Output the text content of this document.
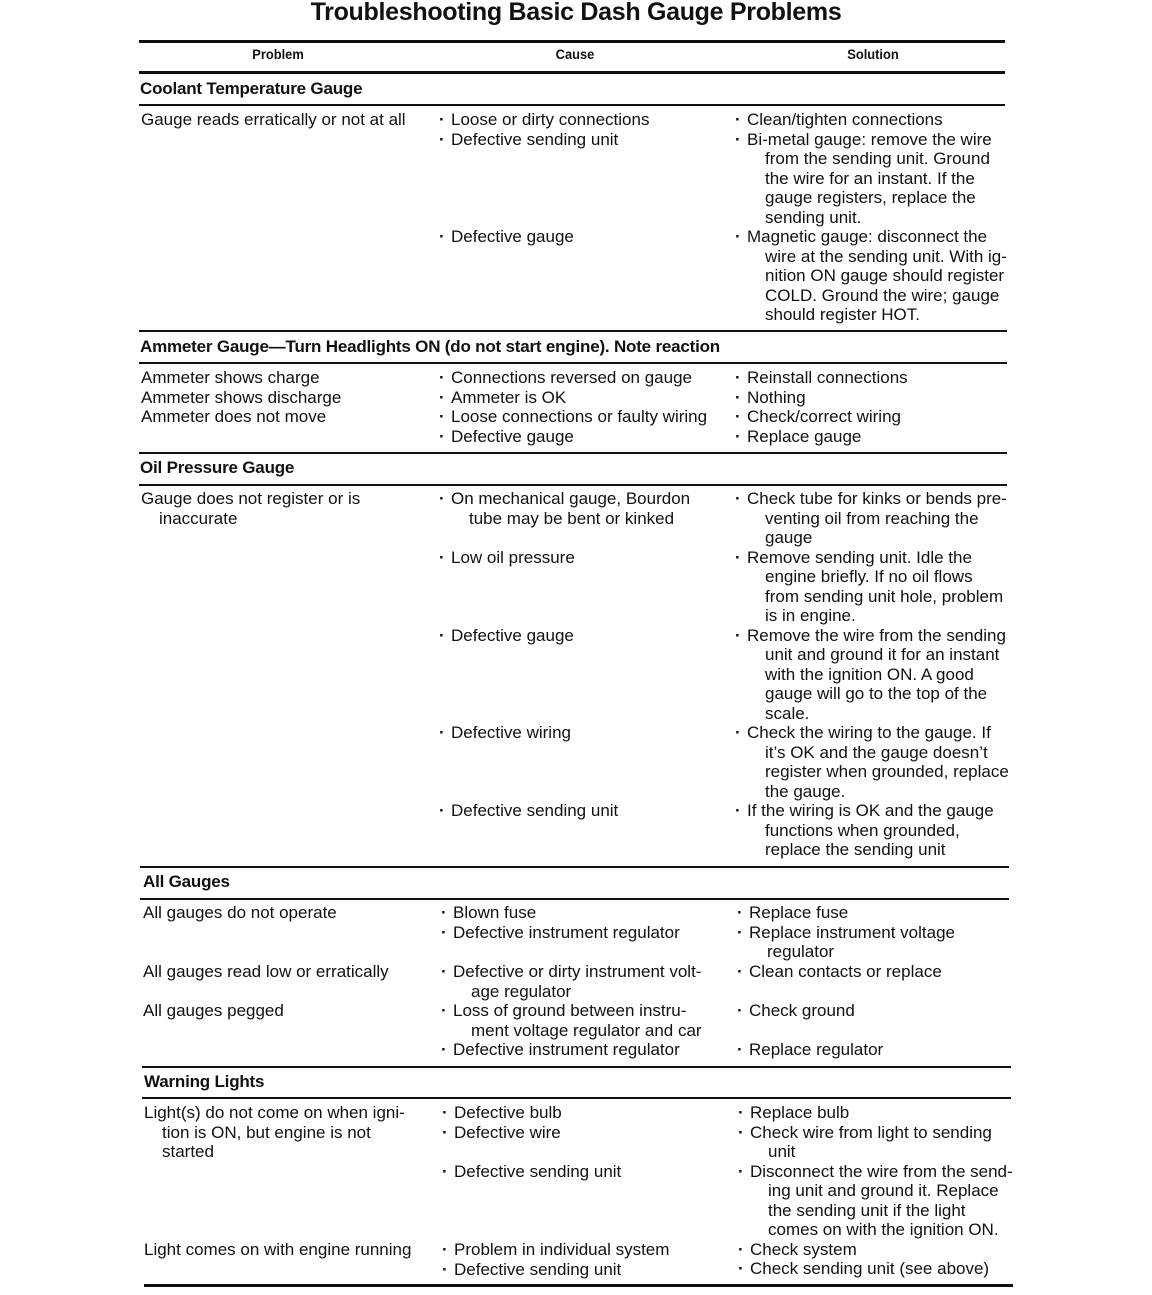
Troubleshooting Basic Dash Gauge Problems
Problem	Cause	Solution
Coolant Temperature Gauge
Gauge reads erratically or not at all
·	Loose or dirty connections
· Defective sending unit
· Defective gauge
· Clean/tighten connections
· Bi-metal gauge: remove the wire
from the sending unit. Ground
the wire for an instant. If the
gauge registers, replace the
sending unit.
· Magnetic gauge: disconnect the
wire at the sending unit. With ig-
nition ON gauge should register
COLD. Ground the wire; gauge
should register HOT.
Ammeter Gauge—Turn Headlights ON (do not start engine). Note reaction
Ammeter shows charge
Ammeter shows discharge
Ammeter does not move
· Connections reversed on gauge
· Ammeter is OK
· Loose connections or faulty wiring
· Defective gauge
· Reinstall connections
· Nothing
· Check/correct wiring
· Replace gauge
Oil Pressure Gauge
Gauge does not register or is
inaccurate
· On mechanical gauge, Bourdon
tube may be bent or kinked
· Low oil pressure
· Defective gauge
· Defective wiring
· Defective sending unit
· Check tube for kinks or bends pre-
venting oil from reaching the
gauge
· Remove sending unit. Idle the
engine briefly. If no oil flows
from sending unit hole, problem
is in engine.
· Remove the wire from the sending
unit and ground it for an instant
with the ignition ON. A good
gauge will go to the top of the
scale.
· Check the wiring to the gauge. If
it’s OK and the gauge doesn’t
register when grounded, replace
the gauge.
· If the wiring is OK and the gauge
functions when grounded,
replace the sending unit
All Gauges
All gauges do not operate
All gauges read low or erratically
All gauges pegged
· Blown fuse
· Defective instrument regulator
· Defective or dirty instrument volt-
age regulator
· Loss of ground between instru-
ment voltage regulator and car
· Defective instrument regulator
· Replace fuse
· Replace instrument voltage
regulator
· Clean contacts or replace
· Check ground
· Replace regulator
Warning Lights
Light(s) do not come on when igni-
tion is ON, but engine is not
started
Light comes on with engine running
· Defective bulb
· Defective wire
· Defective sending unit
· Problem in individual system
· Defective sending unit
· Replace bulb
· Check wire from light to sending
unit
· Disconnect the wire from the send-
ing unit and ground it. Replace
the sending unit if the light
comes on with the ignition ON.
· Check system
· Check sending unit (see above)
